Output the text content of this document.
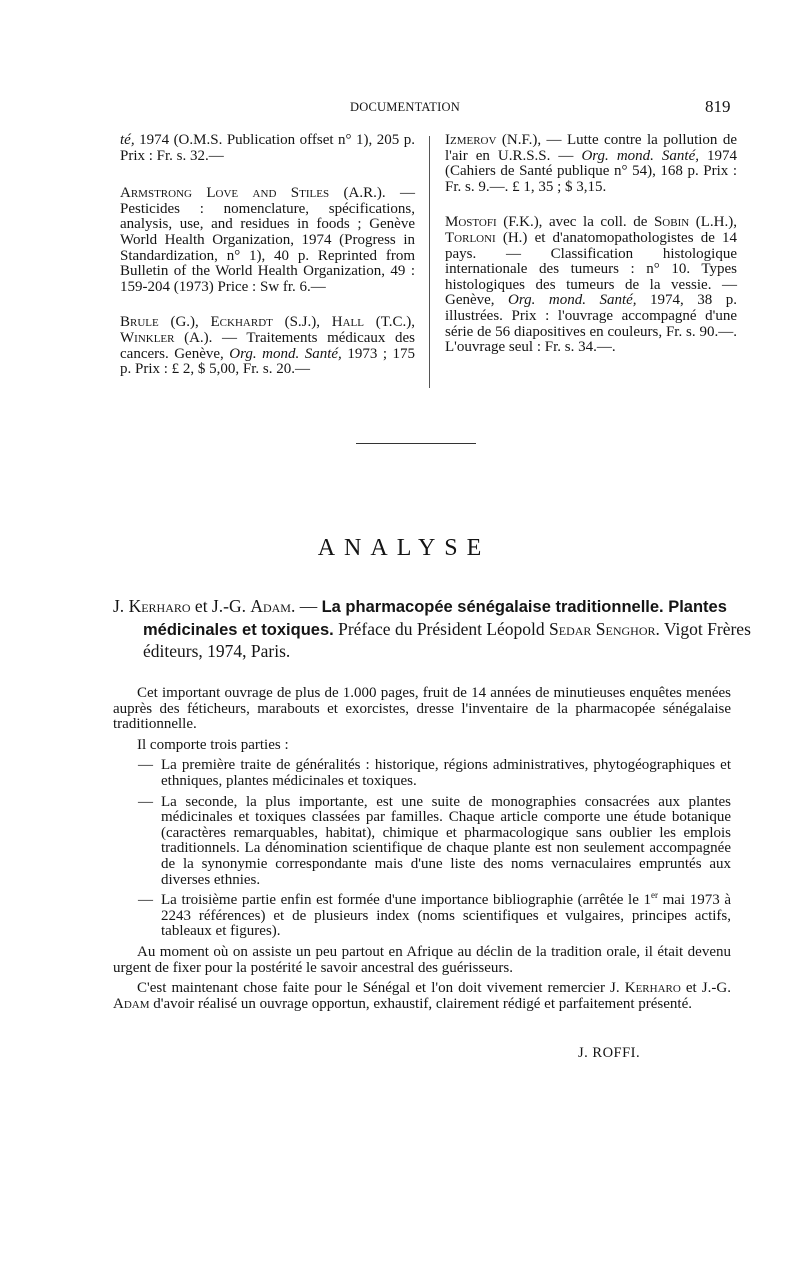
DOCUMENTATION	819
té, 1974 (O.M.S. Publication offset n° 1), 205 p. Prix : Fr. s. 32.—
Armstrong Love and Stiles (A.R.). — Pesticides : nomenclature, spécifications, analysis, use, and residues in foods ; Genève World Health Organization, 1974 (Progress in Standardization, n° 1), 40 p. Reprinted from Bulletin of the World Health Organization, 49 : 159-204 (1973) Price : Sw fr. 6.—
Brule (G.), Eckhardt (S.J.), Hall (T.C.), Winkler (A.). — Traitements médicaux des cancers. Genève, Org. mond. Santé, 1973 ; 175 p. Prix : £ 2, $ 5,00, Fr. s. 20.—
Izmerov (N.F.), — Lutte contre la pollution de l'air en U.R.S.S. — Org. mond. Santé, 1974 (Cahiers de Santé publique n° 54), 168 p. Prix : Fr. s. 9.—. £ 1, 35 ; $ 3,15.
Mostofi (F.K.), avec la coll. de Sobin (L.H.), Torloni (H.) et d'anatomopathologistes de 14 pays. — Classification histologique internationale des tumeurs : n° 10. Types histologiques des tumeurs de la vessie. — Genève, Org. mond. Santé, 1974, 38 p. illustrées. Prix : l'ouvrage accompagné d'une série de 56 diapositives en couleurs, Fr. s. 90.—. L'ouvrage seul : Fr. s. 34.—.
ANALYSE
J. Kerharo et J.-G. Adam. — La pharmacopée sénégalaise traditionnelle. Plantes médicinales et toxiques. Préface du Président Léopold Sedar Senghor. Vigot Frères éditeurs, 1974, Paris.

Cet important ouvrage de plus de 1.000 pages, fruit de 14 années de minutieuses enquêtes menées auprès des féticheurs, marabouts et exorcistes, dresse l'inventaire de la pharmacopée sénégalaise traditionnelle.

Il comporte trois parties :

— La première traite de généralités : historique, régions administratives, phytogéographiques et ethniques, plantes médicinales et toxiques.
— La seconde, la plus importante, est une suite de monographies consacrées aux plantes médicinales et toxiques classées par familles. Chaque article comporte une étude botanique (caractères remarquables, habitat), chimique et pharmacologique sans oublier les emplois traditionnels. La dénomination scientifique de chaque plante est non seulement accompagnée de la synonymie correspondante mais d'une liste des noms vernaculaires empruntés aux diverses ethnies.
— La troisième partie enfin est formée d'une importance bibliographie (arrêtée le 1er mai 1973 à 2243 références) et de plusieurs index (noms scientifiques et vulgaires, principes actifs, tableaux et figures).

Au moment où on assiste un peu partout en Afrique au déclin de la tradition orale, il était devenu urgent de fixer pour la postérité le savoir ancestral des guérisseurs.

C'est maintenant chose faite pour le Sénégal et l'on doit vivement remercier J. Kerharo et J.-G. Adam d'avoir réalisé un ouvrage opportun, exhaustif, clairement rédigé et parfaitement présenté.

J. ROFFI.
